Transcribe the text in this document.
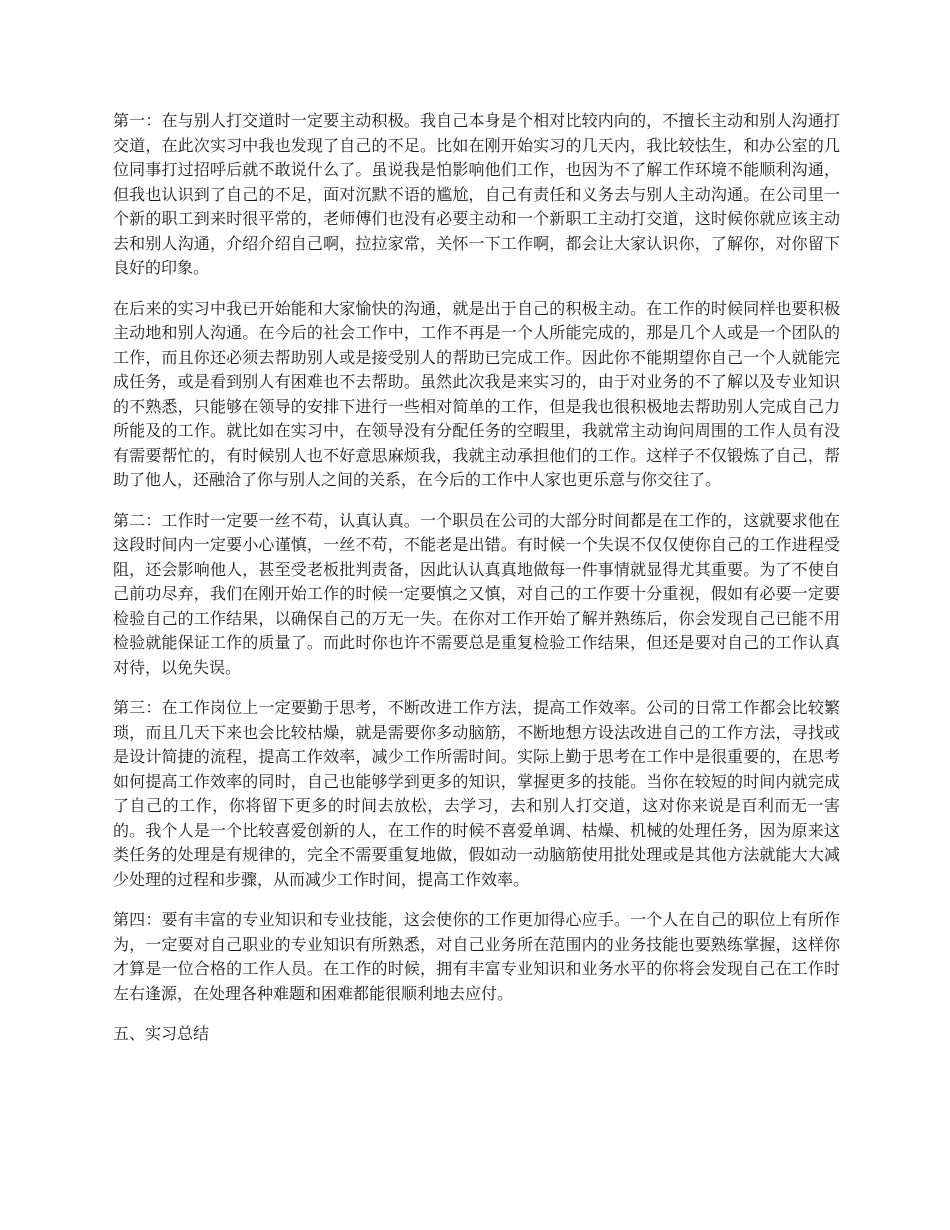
第一：在与别人打交道时一定要主动积极。我自己本身是个相对比较内向的，不擅长主动和别人沟通打交道，在此次实习中我也发现了自己的不足。比如在刚开始实习的几天内，我比较怯生，和办公室的几位同事打过招呼后就不敢说什么了。虽说我是怕影响他们工作，也因为不了解工作环境不能顺利沟通，但我也认识到了自己的不足，面对沉默不语的尴尬，自己有责任和义务去与别人主动沟通。在公司里一个新的职工到来时很平常的，老师傅们也没有必要主动和一个新职工主动打交道，这时候你就应该主动去和别人沟通，介绍介绍自己啊，拉拉家常，关怀一下工作啊，都会让大家认识你，了解你，对你留下良好的印象。

在后来的实习中我已开始能和大家愉快的沟通，就是出于自己的积极主动。在工作的时候同样也要积极主动地和别人沟通。在今后的社会工作中，工作不再是一个人所能完成的，那是几个人或是一个团队的工作，而且你还必须去帮助别人或是接受别人的帮助已完成工作。因此你不能期望你自己一个人就能完成任务，或是看到别人有困难也不去帮助。虽然此次我是来实习的，由于对业务的不了解以及专业知识的不熟悉，只能够在领导的安排下进行一些相对简单的工作，但是我也很积极地去帮助别人完成自己力所能及的工作。就比如在实习中，在领导没有分配任务的空暇里，我就常主动询问周围的工作人员有没有需要帮忙的，有时候别人也不好意思麻烦我，我就主动承担他们的工作。这样子不仅锻炼了自己，帮助了他人，还融洽了你与别人之间的关系，在今后的工作中人家也更乐意与你交往了。

第二：工作时一定要一丝不苟，认真认真。一个职员在公司的大部分时间都是在工作的，这就要求他在这段时间内一定要小心谨慎，一丝不苟，不能老是出错。有时候一个失误不仅仅使你自己的工作进程受阻，还会影响他人，甚至受老板批判责备，因此认认真真地做每一件事情就显得尤其重要。为了不使自己前功尽弃，我们在刚开始工作的时候一定要慎之又慎，对自己的工作要十分重视，假如有必要一定要检验自己的工作结果，以确保自己的万无一失。在你对工作开始了解并熟练后，你会发现自己已能不用检验就能保证工作的质量了。而此时你也许不需要总是重复检验工作结果，但还是要对自己的工作认真对待，以免失误。

第三：在工作岗位上一定要勤于思考，不断改进工作方法，提高工作效率。公司的日常工作都会比较繁琐，而且几天下来也会比较枯燥，就是需要你多动脑筋，不断地想方设法改进自己的工作方法，寻找或是设计简捷的流程，提高工作效率，减少工作所需时间。实际上勤于思考在工作中是很重要的，在思考如何提高工作效率的同时，自己也能够学到更多的知识，掌握更多的技能。当你在较短的时间内就完成了自己的工作，你将留下更多的时间去放松，去学习，去和别人打交道，这对你来说是百利而无一害的。我个人是一个比较喜爱创新的人，在工作的时候不喜爱单调、枯燥、机械的处理任务，因为原来这类任务的处理是有规律的，完全不需要重复地做，假如动一动脑筋使用批处理或是其他方法就能大大减少处理的过程和步骤，从而减少工作时间，提高工作效率。

第四：要有丰富的专业知识和专业技能，这会使你的工作更加得心应手。一个人在自己的职位上有所作为，一定要对自己职业的专业知识有所熟悉，对自己业务所在范围内的业务技能也要熟练掌握，这样你才算是一位合格的工作人员。在工作的时候，拥有丰富专业知识和业务水平的你将会发现自己在工作时左右逢源，在处理各种难题和困难都能很顺利地去应付。

五、实习总结
